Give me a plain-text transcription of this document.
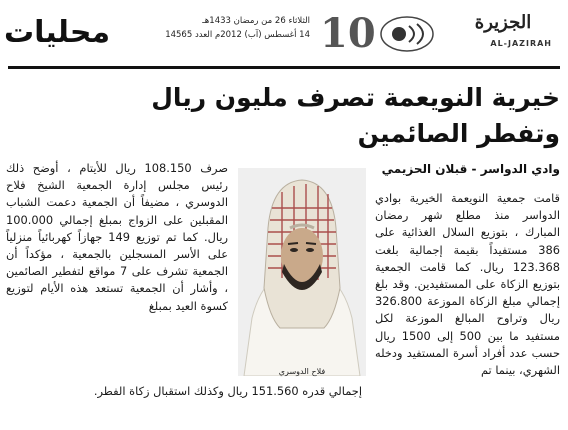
محليات	الثلاثاء 26 من رمضان 1433هـ
14 أغسطس (آب) 2012م العدد 14565 10	الجزيرة
AL-JAZIRAH
خيرية النويعمة تصرف مليون ريال
وتفطر الصائمين
وادي الدواسر - قبلان الحزيمي

قامت جمعية النويعمة الخيرية بوادي الدواسر منذ مطلع شهر رمضان المبارك ، بتوزيع السلال الغذائية على 386 مستفيداً بقيمة إجمالية بلغت 123.368 ريال. كما قامت الجمعية بتوزيع الزكاة على المستفيدين. وقد بلغ إجمالي مبلغ الزكاة الموزعة 326.800 ريال وتراوح المبالغ الموزعة لكل مستفيد ما بين 500 إلى 1500 ريال حسب عدد أفراد أسرة المستفيد ودخله الشهري، بينما تم

فلاح الدوسري

صرف 108.150 ريال للأيتام ، أوضح ذلك رئيس مجلس إدارة الجمعية الشيخ فلاح الدوسري ، مضيفاً أن الجمعية دعمت الشباب المقبلين على الزواج بمبلغ إجمالي 100.000 ريال. كما تم توزيع 149 جهازاً كهربائياً منزلياً على الأسر المسجلين بالجمعية ، مؤكداً أن الجمعية تشرف على 7 مواقع لتفطير الصائمين ، وأشار أن الجمعية تستعد هذه الأيام لتوزيع كسوة العيد بمبلغ

إجمالي قدره 151.560 ريال وكذلك استقبال زكاة الفطر.
